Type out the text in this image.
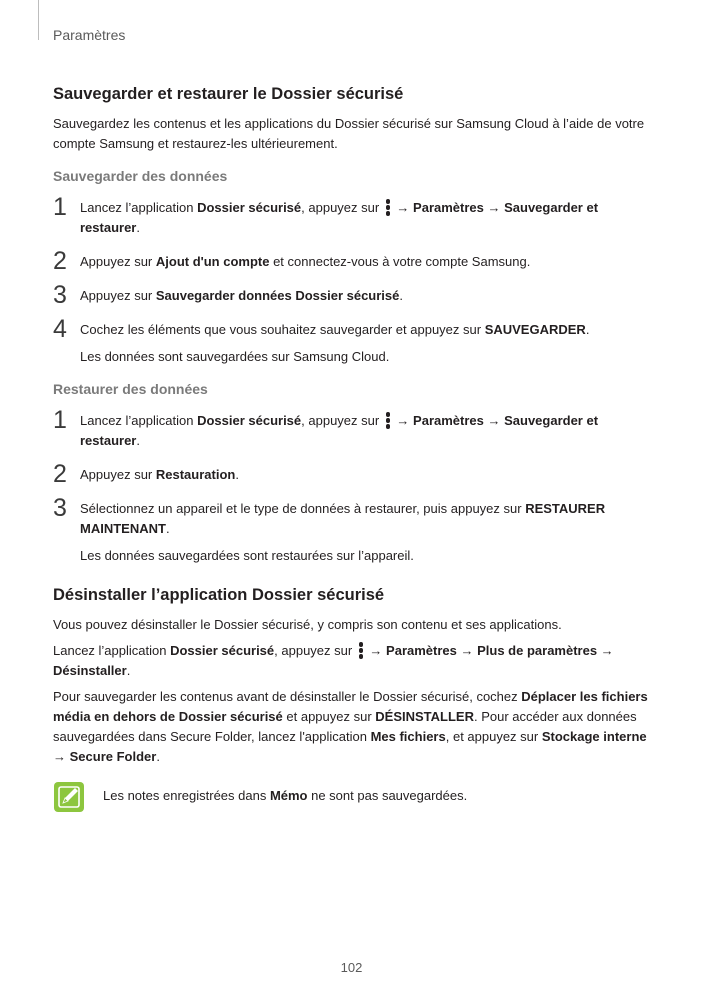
Paramètres
Sauvegarder et restaurer le Dossier sécurisé

Sauvegardez les contenus et les applications du Dossier sécurisé sur Samsung Cloud à l’aide de votre compte Samsung et restaurez-les ultérieurement.

Sauvegarder des données
1 Lancez l’application Dossier sécurisé, appuyez sur
→ Paramètres → Sauvegarder et restaurer.
2 Appuyez sur Ajout d'un compte et connectez-vous à votre compte Samsung.
3 Appuyez sur Sauvegarder données Dossier sécurisé.
4 Cochez les éléments que vous souhaitez sauvegarder et appuyez sur SAUVEGARDER.
Les données sont sauvegardées sur Samsung Cloud.
Restaurer des données
1 Lancez l’application Dossier sécurisé, appuyez sur
→ Paramètres → Sauvegarder et restaurer.
2 Appuyez sur Restauration.
3 Sélectionnez un appareil et le type de données à restaurer, puis appuyez sur RESTAURER MAINTENANT.
Les données sauvegardées sont restaurées sur l’appareil.
Désinstaller l’application Dossier sécurisé

Vous pouvez désinstaller le Dossier sécurisé, y compris son contenu et ses applications.

Lancez l’application Dossier sécurisé, appuyez sur
→ Paramètres → Plus de paramètres → Désinstaller.

Pour sauvegarder les contenus avant de désinstaller le Dossier sécurisé, cochez Déplacer les fichiers média en dehors de Dossier sécurisé et appuyez sur DÉSINSTALLER. Pour accéder aux données sauvegardées dans Secure Folder, lancez l'application Mes fichiers, et appuyez sur Stockage interne → Secure Folder.

Les notes enregistrées dans Mémo ne sont pas sauvegardées.
102
